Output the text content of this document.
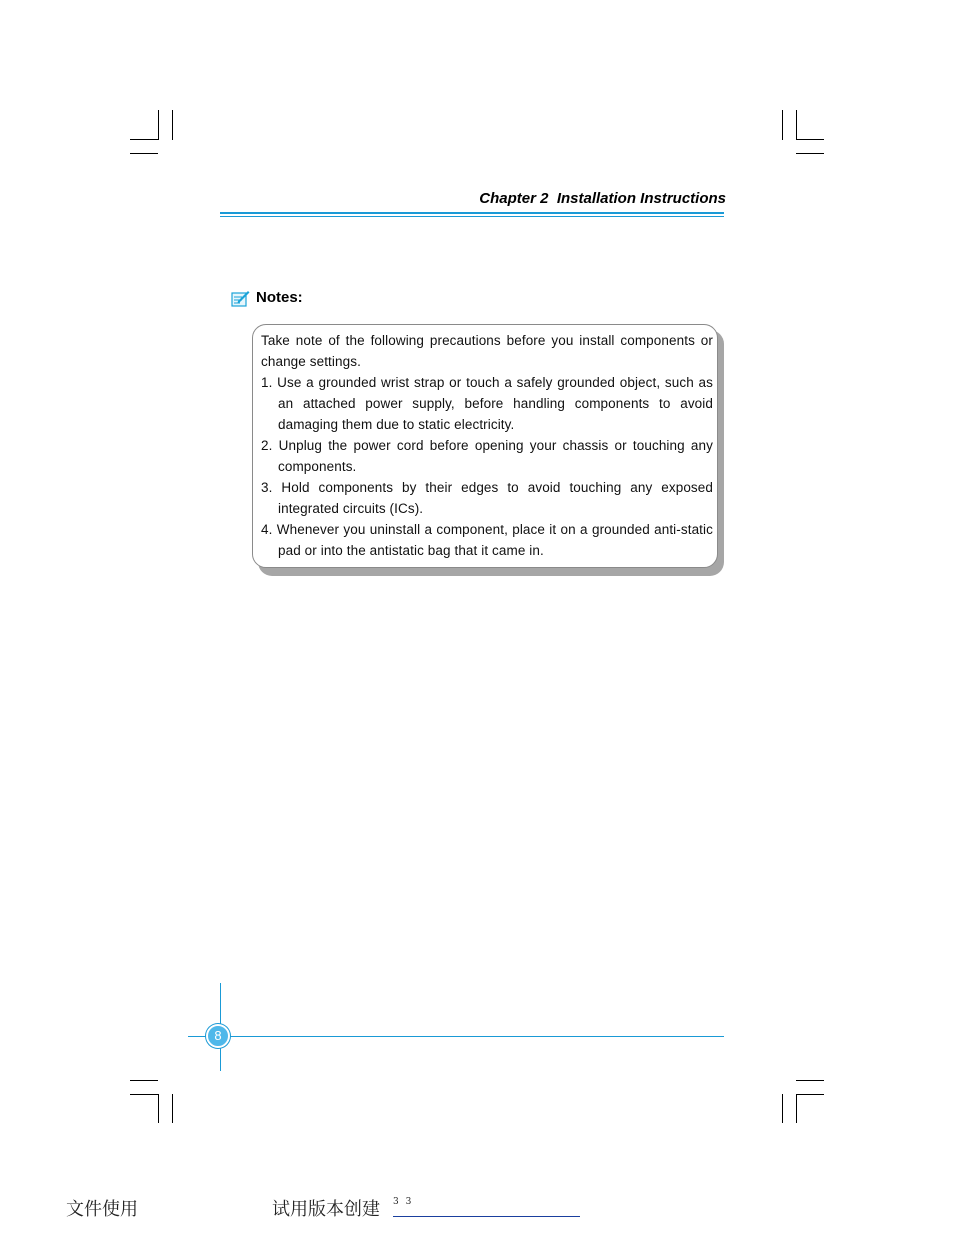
Chapter 2 Installation Instructions
Notes:

Take note of the following precautions before you install components or change settings.

1. Use a grounded wrist strap or touch a safely grounded object, such as an attached power supply, before handling components to avoid damaging them due to static electricity.

2. Unplug the power cord before opening your chassis or touching any components.

3. Hold components by their edges to avoid touching any exposed integrated circuits (ICs).

4. Whenever you uninstall a component, place it on a grounded anti-static pad or into the antistatic bag that it came in.

8
文件使用	试用版本创建 3 3
